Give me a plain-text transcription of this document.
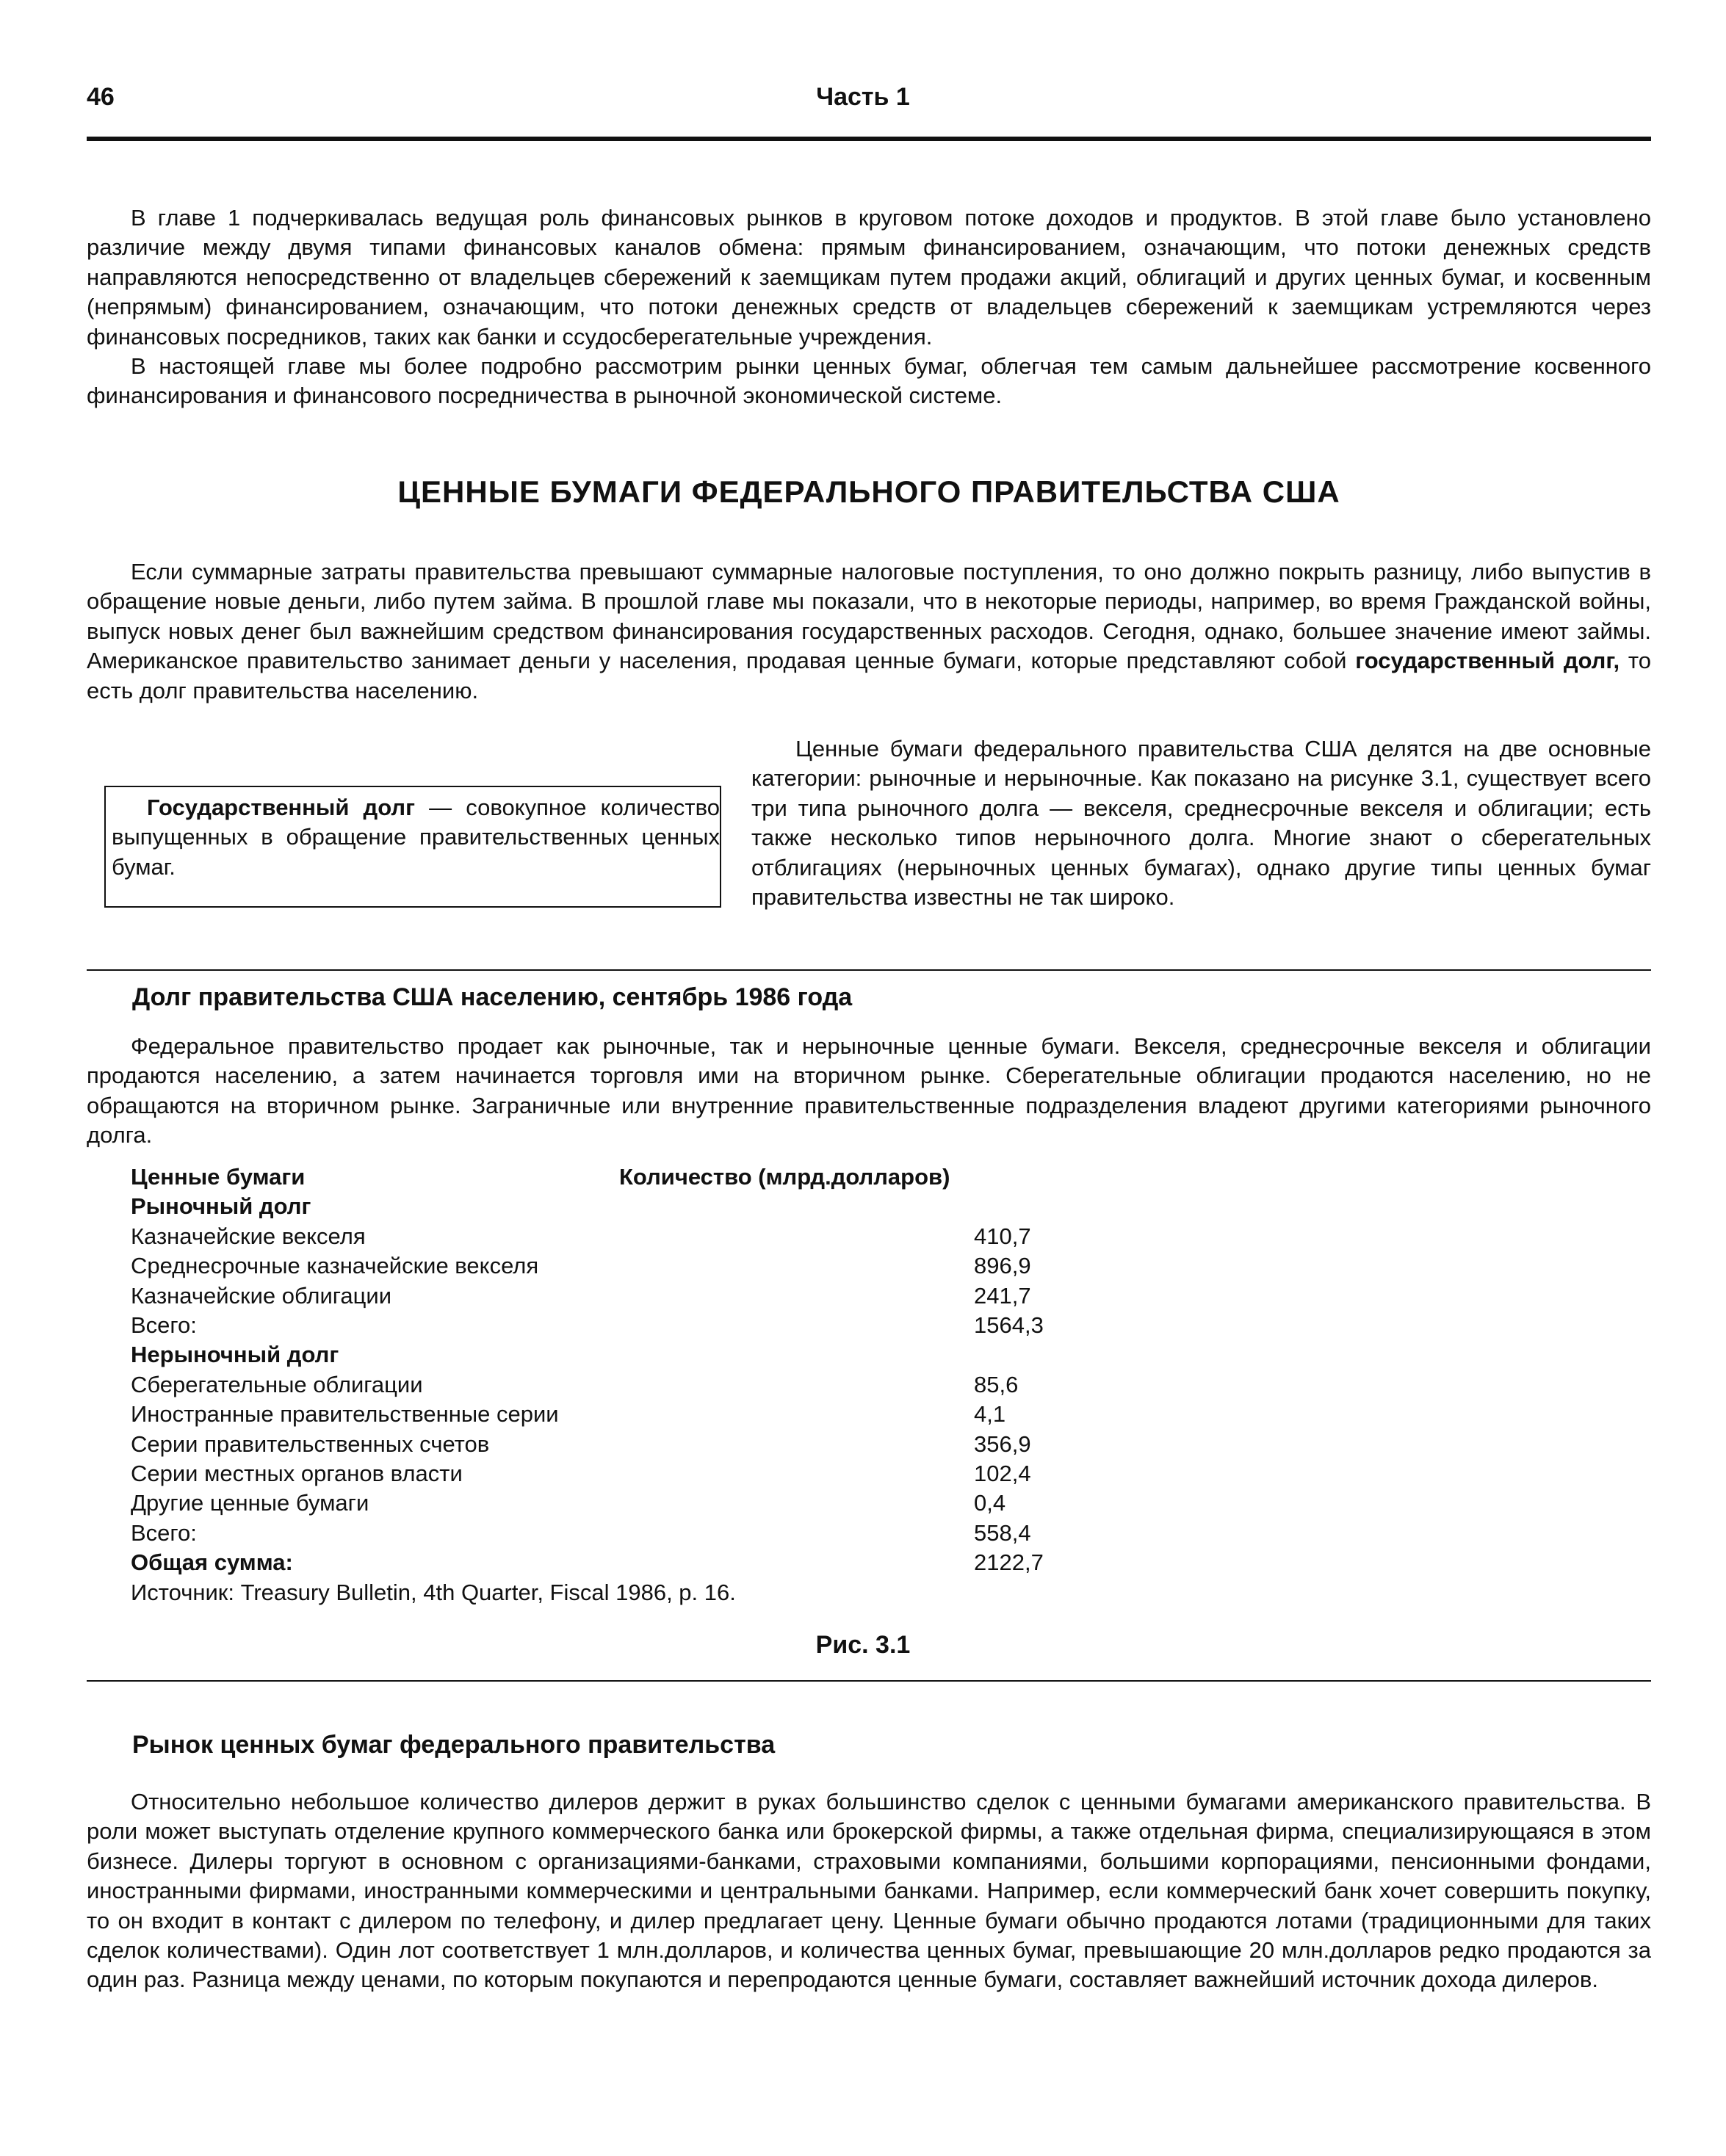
46	Часть 1

В главе 1 подчеркивалась ведущая роль финансовых рынков в круговом потоке доходов и продуктов. В этой главе было установлено различие между двумя типами финансовых каналов обмена: прямым финансированием, означающим, что потоки денежных средств направляются непосредственно от владельцев сбережений к заемщикам путем продажи акций, облигаций и других ценных бумаг, и косвенным (непрямым) финансированием, означающим, что потоки денежных средств от владельцев сбережений к заемщикам устремляются через финансовых посредников, таких как банки и ссудосберегательные учреждения.

В настоящей главе мы более подробно рассмотрим рынки ценных бумаг, облегчая тем самым дальнейшее рассмотрение косвенного финансирования и финансового посредничества в рыночной экономической системе.

ЦЕННЫЕ БУМАГИ ФЕДЕРАЛЬНОГО ПРАВИТЕЛЬСТВА США

Если суммарные затраты правительства превышают суммарные налоговые поступления, то оно должно покрыть разницу, либо выпустив в обращение новые деньги, либо путем займа. В прошлой главе мы показали, что в некоторые периоды, например, во время Гражданской войны, выпуск новых денег был важнейшим средством финансирования государственных расходов. Сегодня, однако, большее значение имеют займы. Американское правительство занимает деньги у населения, продавая ценные бумаги, которые представляют собой государственный долг, то есть долг правительства населению.

Государственный долг — совокупное количество выпущенных в обращение правительственных ценных бумаг.

Ценные бумаги федерального правительства США делятся на две основные категории: рыночные и нерыночные. Как показано на рисунке 3.1, существует всего три типа рыночного долга — векселя, среднесрочные векселя и облигации; есть также несколько типов нерыночного долга. Многие знают о сберегательных отблигациях (нерыночных ценных бумагах), однако другие типы ценных бумаг правительства известны не так широко.

Долг правительства США населению, сентябрь 1986 года

Федеральное правительство продает как рыночные, так и нерыночные ценные бумаги. Векселя, среднесрочные векселя и облигации продаются населению, а затем начинается торговля ими на вторичном рынке. Сберегательные облигации продаются населению, но не обращаются на вторичном рынке. Заграничные или внутренние правительственные подразделения владеют другими категориями рыночного долга.

Ценные бумаги	Количество (млрд.долларов)	
Рыночный долг		
Казначейские векселя		410,7
Среднесрочные казначейские векселя		896,9
Казначейские облигации		241,7
Всего:		1564,3
Нерыночный долг		
Сберегательные облигации		85,6
Иностранные правительственные серии		4,1
Серии правительственных счетов		356,9
Серии местных органов власти		102,4
Другие ценные бумаги		0,4
Всего:		558,4
Общая сумма:		2122,7
Источник: Treasury Bulletin, 4th Quarter, Fiscal 1986, p. 16.
Рис. 3.1
Рынок ценных бумаг федерального правительства

Относительно небольшое количество дилеров держит в руках большинство сделок с ценными бумагами американского правительства. В роли может выступать отделение крупного коммерческого банка или брокерской фирмы, а также отдельная фирма, специализирующаяся в этом бизнесе. Дилеры торгуют в основном с организациями-банками, страховыми компаниями, большими корпорациями, пенсионными фондами, иностранными фирмами, иностранными коммерческими и центральными банками. Например, если коммерческий банк хочет совершить покупку, то он входит в контакт с дилером по телефону, и дилер предлагает цену. Ценные бумаги обычно продаются лотами (традиционными для таких сделок количествами). Один лот соответствует 1 млн.долларов, и количества ценных бумаг, превышающие 20 млн.долларов редко продаются за один раз. Разница между ценами, по которым покупаются и перепродаются ценные бумаги, составляет важнейший источник дохода дилеров.
